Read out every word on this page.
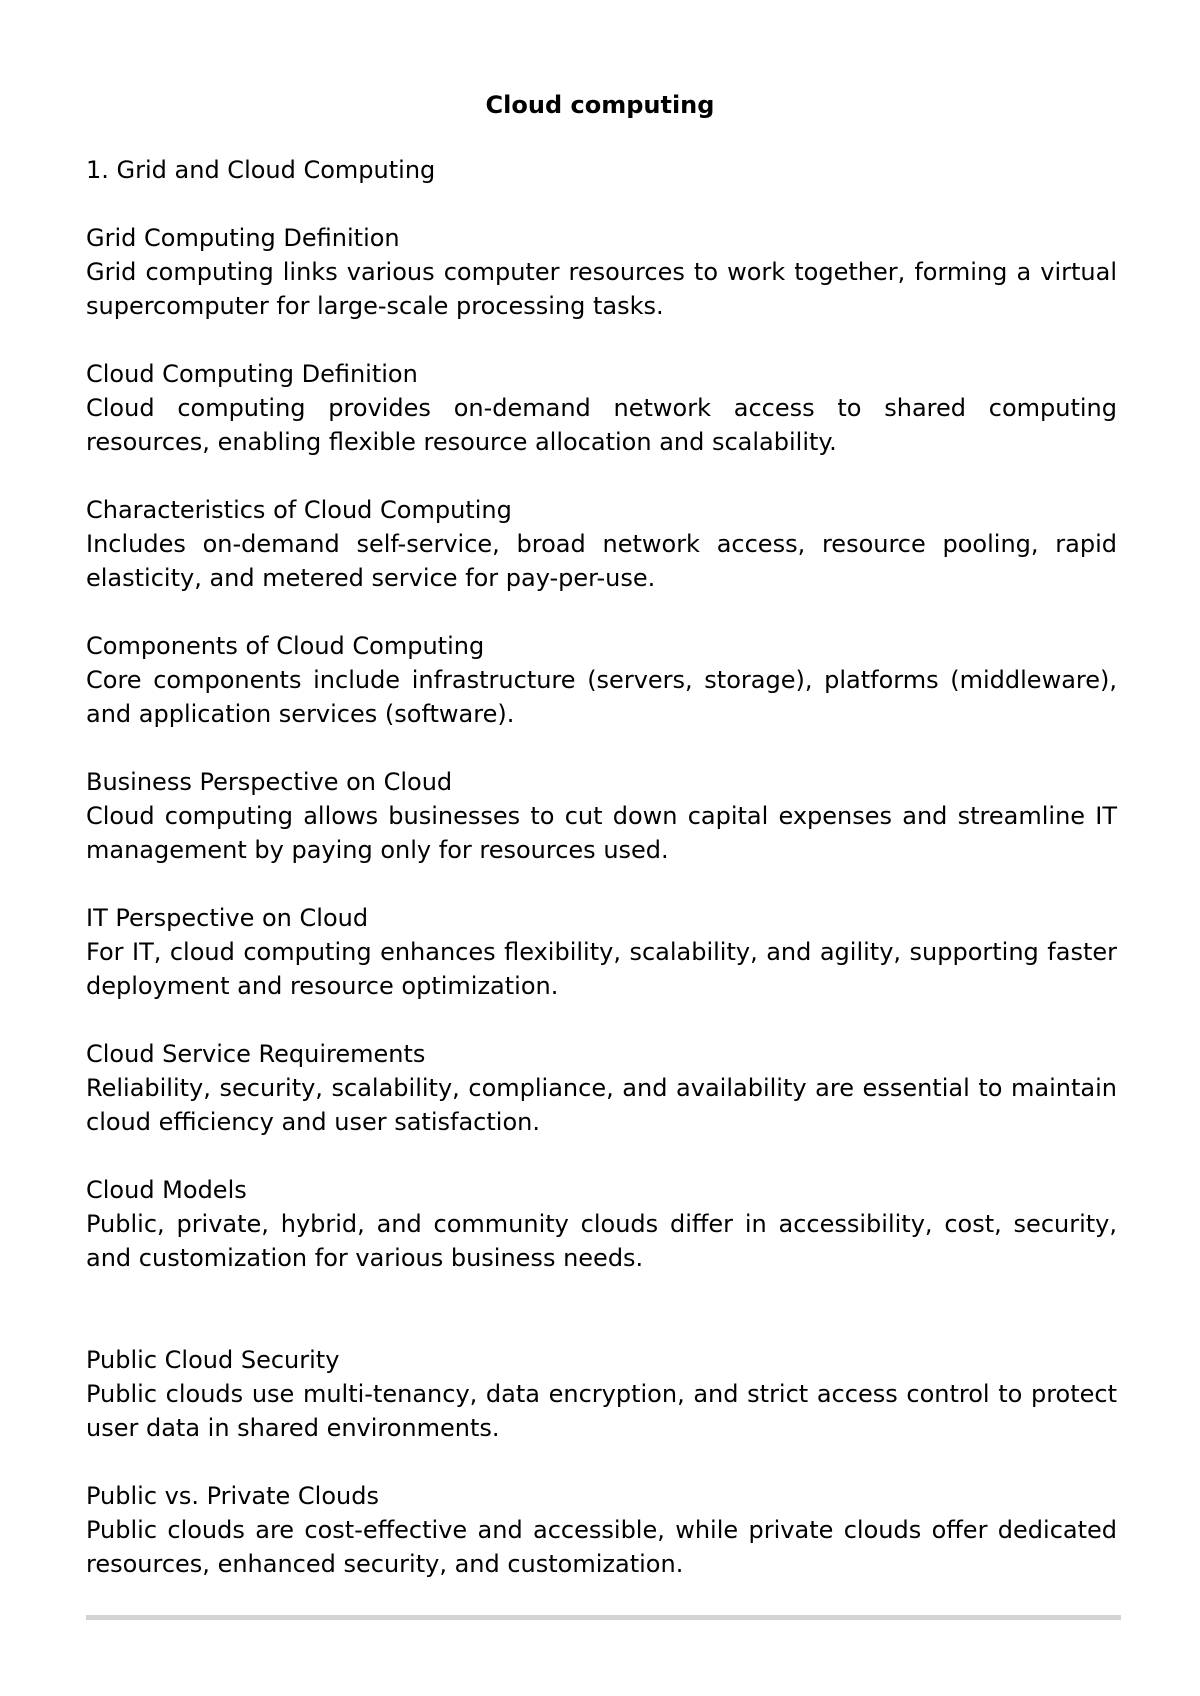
Cloud computing

1. Grid and Cloud Computing

Grid Computing Definition

Grid computing links various computer resources to work together, forming a virtual supercomputer for large-scale processing tasks.

Cloud Computing Definition

Cloud computing provides on-demand network access to shared computing resources, enabling flexible resource allocation and scalability.

Characteristics of Cloud Computing

Includes on-demand self-service, broad network access, resource pooling, rapid elasticity, and metered service for pay-per-use.

Components of Cloud Computing

Core components include infrastructure (servers, storage), platforms (middleware), and application services (software).

Business Perspective on Cloud

Cloud computing allows businesses to cut down capital expenses and streamline IT management by paying only for resources used.

IT Perspective on Cloud

For IT, cloud computing enhances flexibility, scalability, and agility, supporting faster deployment and resource optimization.

Cloud Service Requirements

Reliability, security, scalability, compliance, and availability are essential to maintain cloud efficiency and user satisfaction.

Cloud Models

Public, private, hybrid, and community clouds differ in accessibility, cost, security, and customization for various business needs.

Public Cloud Security

Public clouds use multi-tenancy, data encryption, and strict access control to protect user data in shared environments.

Public vs. Private Clouds

Public clouds are cost-effective and accessible, while private clouds offer dedicated resources, enhanced security, and customization.
